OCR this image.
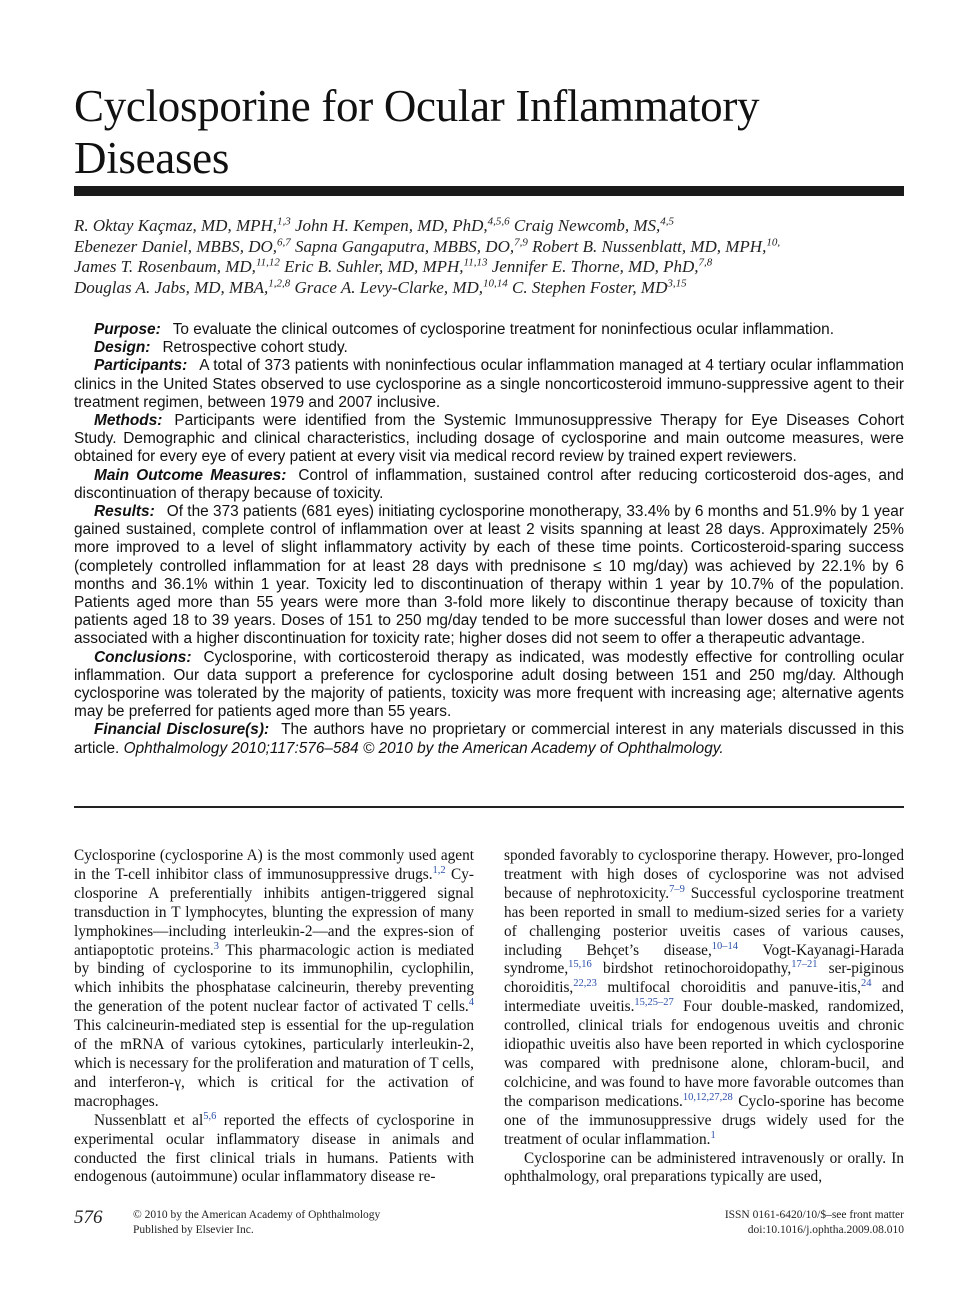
Cyclosporine for Ocular Inflammatory Diseases
R. Oktay Kaçmaz, MD, MPH,$^{1,3}$ John H. Kempen, MD, PhD,$^{4,5,6}$ Craig Newcomb, MS,$^{4,5}$
Ebenezer Daniel, MBBS, DO,$^{6,7}$ Sapna Gangaputra, MBBS, DO,$^{7,9}$ Robert B. Nussenblatt, MD, MPH,$^{10,}$
James T. Rosenbaum, MD,$^{11,12}$ Eric B. Suhler, MD, MPH,$^{11,13}$ Jennifer E. Thorne, MD, PhD,$^{7,8}$
Douglas A. Jabs, MD, MBA,$^{1,2,8}$ Grace A. Levy-Clarke, MD,$^{10,14}$ C. Stephen Foster, MD$^{3,15}$

Purpose: To evaluate the clinical outcomes of cyclosporine treatment for noninfectious ocular inflammation.

Design: Retrospective cohort study.

Participants: A total of 373 patients with noninfectious ocular inflammation managed at 4 tertiary ocular inflammation clinics in the United States observed to use cyclosporine as a single noncorticosteroid immuno-suppressive agent to their treatment regimen, between 1979 and 2007 inclusive.

Methods: Participants were identified from the Systemic Immunosuppressive Therapy for Eye Diseases Cohort Study. Demographic and clinical characteristics, including dosage of cyclosporine and main outcome measures, were obtained for every eye of every patient at every visit via medical record review by trained expert reviewers.

Main Outcome Measures: Control of inflammation, sustained control after reducing corticosteroid dos-ages, and discontinuation of therapy because of toxicity.

Results: Of the 373 patients (681 eyes) initiating cyclosporine monotherapy, 33.4% by 6 months and 51.9% by 1 year gained sustained, complete control of inflammation over at least 2 visits spanning at least 28 days. Approximately 25% more improved to a level of slight inflammatory activity by each of these time points. Corticosteroid-sparing success (completely controlled inflammation for at least 28 days with prednisone ≤ 10 mg/day) was achieved by 22.1% by 6 months and 36.1% within 1 year. Toxicity led to discontinuation of therapy within 1 year by 10.7% of the population. Patients aged more than 55 years were more than 3-fold more likely to discontinue therapy because of toxicity than patients aged 18 to 39 years. Doses of 151 to 250 mg/day tended to be more successful than lower doses and were not associated with a higher discontinuation for toxicity rate; higher doses did not seem to offer a therapeutic advantage.

Conclusions: Cyclosporine, with corticosteroid therapy as indicated, was modestly effective for controlling ocular inflammation. Our data support a preference for cyclosporine adult dosing between 151 and 250 mg/day. Although cyclosporine was tolerated by the majority of patients, toxicity was more frequent with increasing age; alternative agents may be preferred for patients aged more than 55 years.

Financial Disclosure(s): The authors have no proprietary or commercial interest in any materials discussed in this article. Ophthalmology 2010;117:576–584 © 2010 by the American Academy of Ophthalmology.

Cyclosporine (cyclosporine A) is the most commonly used agent in the T-cell inhibitor class of immunosuppressive drugs.$^{1,2}$ Cy-closporine A preferentially inhibits antigen-triggered signal transduction in T lymphocytes, blunting the expression of many lymphokines—including interleukin-2—and the expres-sion of antiapoptotic proteins.$^3$ This pharmacologic action is mediated by binding of cyclosporine to its immunophilin, cyclophilin, which inhibits the phosphatase calcineurin, thereby preventing the generation of the potent nuclear factor of activated T cells.$^4$ This calcineurin-mediated step is essential for the up-regulation of the mRNA of various cytokines, particularly interleukin-2, which is necessary for the proliferation and maturation of T cells, and interferon-γ, which is critical for the activation of macrophages.

Nussenblatt et al$^{5,6}$ reported the effects of cyclosporine in experimental ocular inflammatory disease in animals and conducted the first clinical trials in humans. Patients with endogenous (autoimmune) ocular inflammatory disease re-

sponded favorably to cyclosporine therapy. However, pro-longed treatment with high doses of cyclosporine was not advised because of nephrotoxicity.$^{7-9}$ Successful cyclosporine treatment has been reported in small to medium-sized series for a variety of challenging posterior uveitis cases of various causes, including Behçet’s disease,$^{10-14}$ Vogt-Kayanagi-Harada syndrome,$^{15,16}$ birdshot retinochoroidopathy,$^{17-21}$ ser-piginous choroiditis,$^{22,23}$ multifocal choroiditis and panuve-itis,$^{24}$ and intermediate uveitis.$^{15,25-27}$ Four double-masked, randomized, controlled, clinical trials for endogenous uveitis and chronic idiopathic uveitis also have been reported in which cyclosporine was compared with prednisone alone, chloram-bucil, and colchicine, and was found to have more favorable outcomes than the comparison medications.$^{10,12,27,28}$ Cyclo-sporine has become one of the immunosuppressive drugs widely used for the treatment of ocular inflammation.$^1$

Cyclosporine can be administered intravenously or orally. In ophthalmology, oral preparations typically are used,

576	© 2010 by the American Academy of Ophthalmology
Published by Elsevier Inc.
ISSN 0161-6420/10/$–see front matter
doi:10.1016/j.ophtha.2009.08.010
